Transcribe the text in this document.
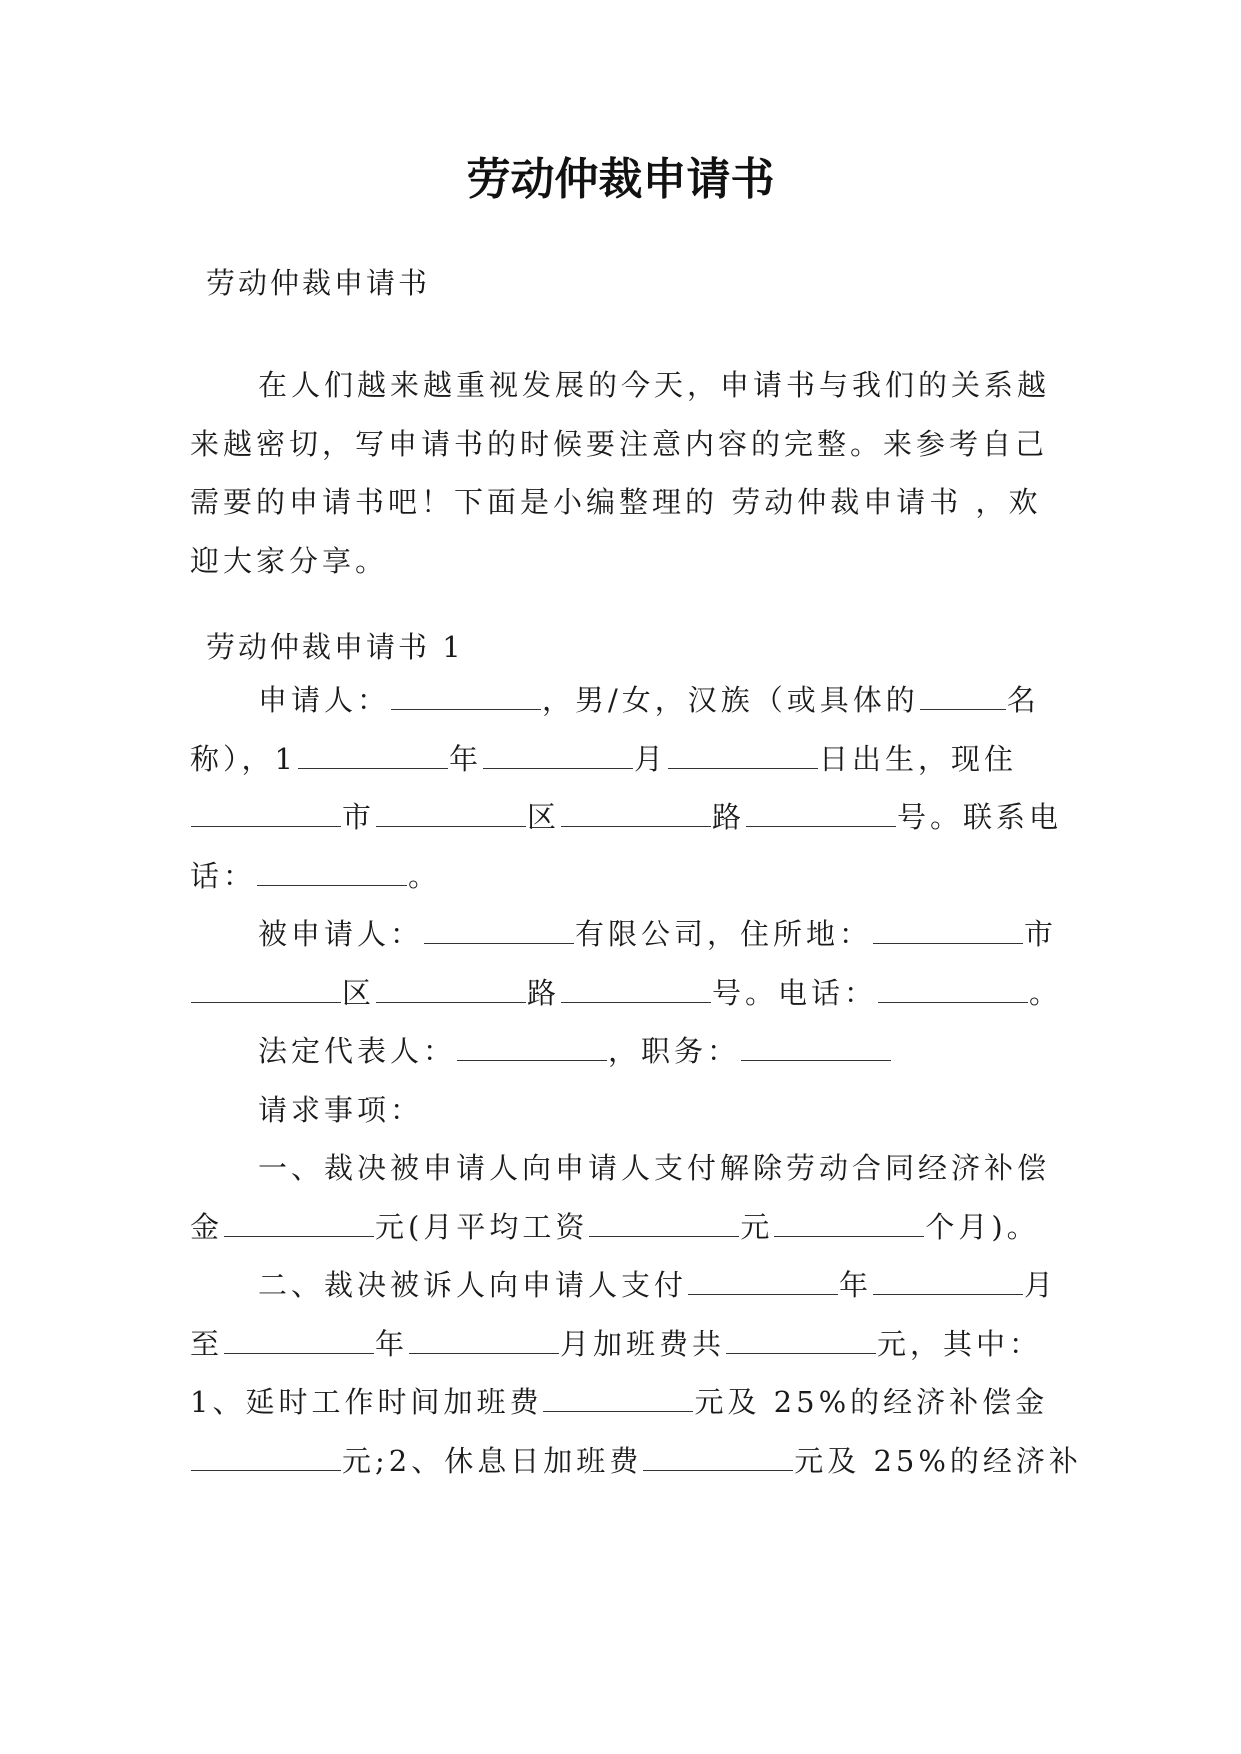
劳动仲裁申请书
劳动仲裁申请书
在人们越来越重视发展的今天，申请书与我们的关系越
来越密切，写申请书的时候要注意内容的完整。来参考自己
需要的申请书吧！下面是小编整理的 劳动仲裁申请书 ，欢
迎大家分享。
劳动仲裁申请书 1
申请人：	，男/女，汉族（或具体的	名
称），1	年	月	日出生，现住
市	区	路	号。联系电
话：	。
被申请人：	有限公司，住所地：	市
区	路	号。电话：	。
法定代表人：	，职务：
请求事项：
一、裁决被申请人向申请人支付解除劳动合同经济补偿
金	元(月平均工资	元	个月)。
二、裁决被诉人向申请人支付	年	月
至	年	月加班费共	元，其中：
1、延时工作时间加班费	元及 25%的经济补偿金
元;2、休息日加班费	元及 25%的经济补
